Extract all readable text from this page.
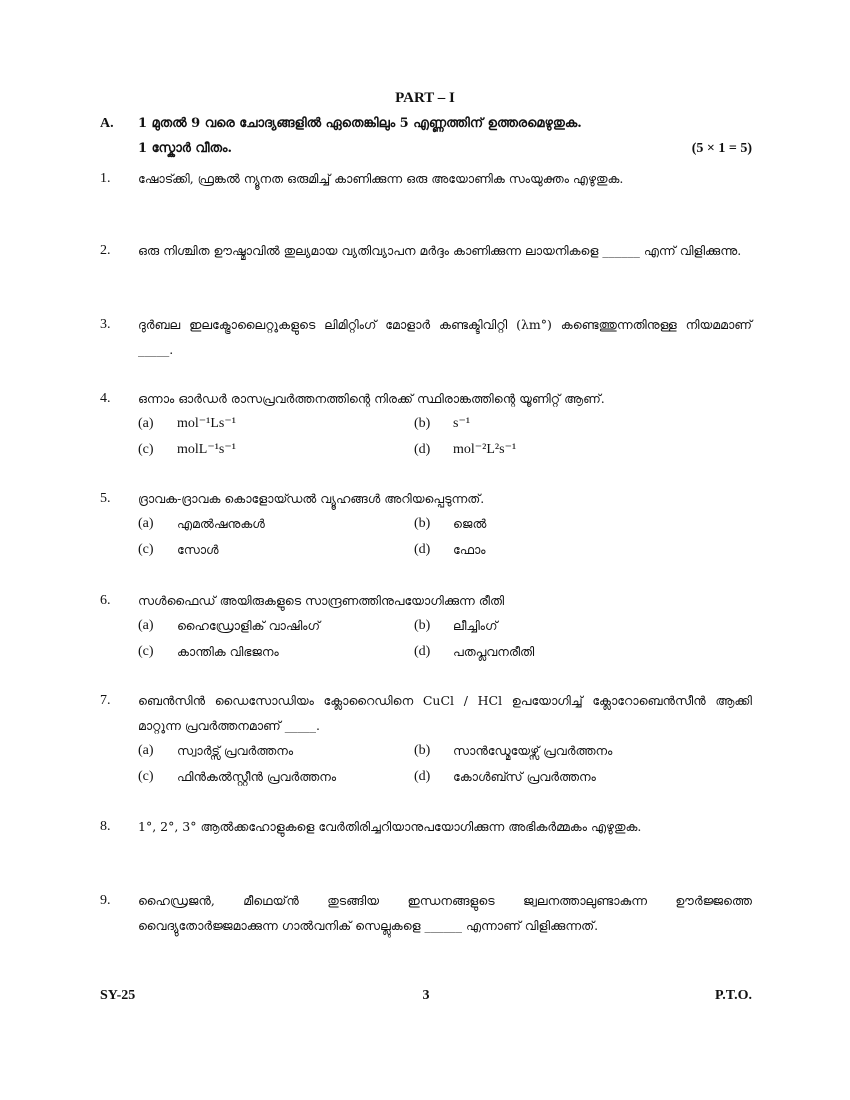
PART – I
A. 1 മുതൽ 9 വരെ ചോദ്യങ്ങളിൽ ഏതെങ്കിലും 5 എണ്ണത്തിന് ഉത്തരമെഴുതുക.
1 സ്കോർ വീതം.	(5 × 1 = 5)
1. ഷോട്ക്കി, ഫ്രങ്കൽ ന്യൂനത ഒരുമിച്ച് കാണിക്കുന്ന ഒരു അയോണിക സംയുക്തം എഴുതുക.
2. ഒരു നിശ്ചിത ഊഷ്മാവിൽ തുല്യമായ വ്യതിവ്യാപന മർദ്ദം കാണിക്കുന്ന ലായനികളെ ______ എന്ന് വിളിക്കുന്നു.
3. ദുർബല ഇലക്ട്രോലൈറ്റുകളുടെ ലിമിറ്റിംഗ് മോളാർ കണ്ടക്ടിവിറ്റി (λm°) കണ്ടെത്തുന്നതിനുള്ള നിയമമാണ് _____.
4. ഒന്നാം ഓർഡർ രാസപ്രവർത്തനത്തിന്റെ നിരക്ക് സ്ഥിരാങ്കത്തിന്റെ യൂണിറ്റ് ആണ്.
(a) mol⁻¹Ls⁻¹	(b) s⁻¹
(c) molL⁻¹s⁻¹	(d) mol⁻²L²s⁻¹
5. ദ്രാവക-ദ്രാവക കൊളോയ്ഡൽ വ്യൂഹങ്ങൾ അറിയപ്പെടുന്നത്.
(a) എമൽഷനുകൾ	(b) ജെൽ
(c) സോൾ	(d) ഫോം
6. സൾഫൈഡ് അയിരുകളുടെ സാന്ദ്രണത്തിനുപയോഗിക്കുന്ന രീതി
(a) ഹൈഡ്രോളിക് വാഷിംഗ്	(b) ലീച്ചിംഗ്
(c) കാന്തിക വിഭജനം	(d) പതപ്ലവനരീതി
7. ബെൻസിൻ ഡൈസോഡിയം ക്ലോറൈഡിനെ CuCl / HCl ഉപയോഗിച്ച് ക്ലോറോബെൻസീൻ ആക്കി മാറ്റുന്ന പ്രവർത്തനമാണ് _____.
(a) സ്വാർട്സ് പ്രവർത്തനം	(b) സാൻഡ്മേയേഴ്സ് പ്രവർത്തനം
(c) ഫിൻകൽസ്റ്റീൻ പ്രവർത്തനം	(d) കോൾബ്സ് പ്രവർത്തനം
8. 1°, 2°, 3° ആൽക്കഹോളുകളെ വേർതിരിച്ചറിയാനുപയോഗിക്കുന്ന അഭികർമ്മകം എഴുതുക.
9. ഹൈഡ്രജൻ, മീഥെയ്ൻ തുടങ്ങിയ ഇന്ധനങ്ങളുടെ ജ്വലനത്താലുണ്ടാകുന്ന ഊർജ്ജത്തെ വൈദ്യുതോർജ്ജമാക്കുന്ന ഗാൽവനിക് സെല്ലുകളെ ______ എന്നാണ് വിളിക്കുന്നത്.
SY-25	3	P.T.O.
